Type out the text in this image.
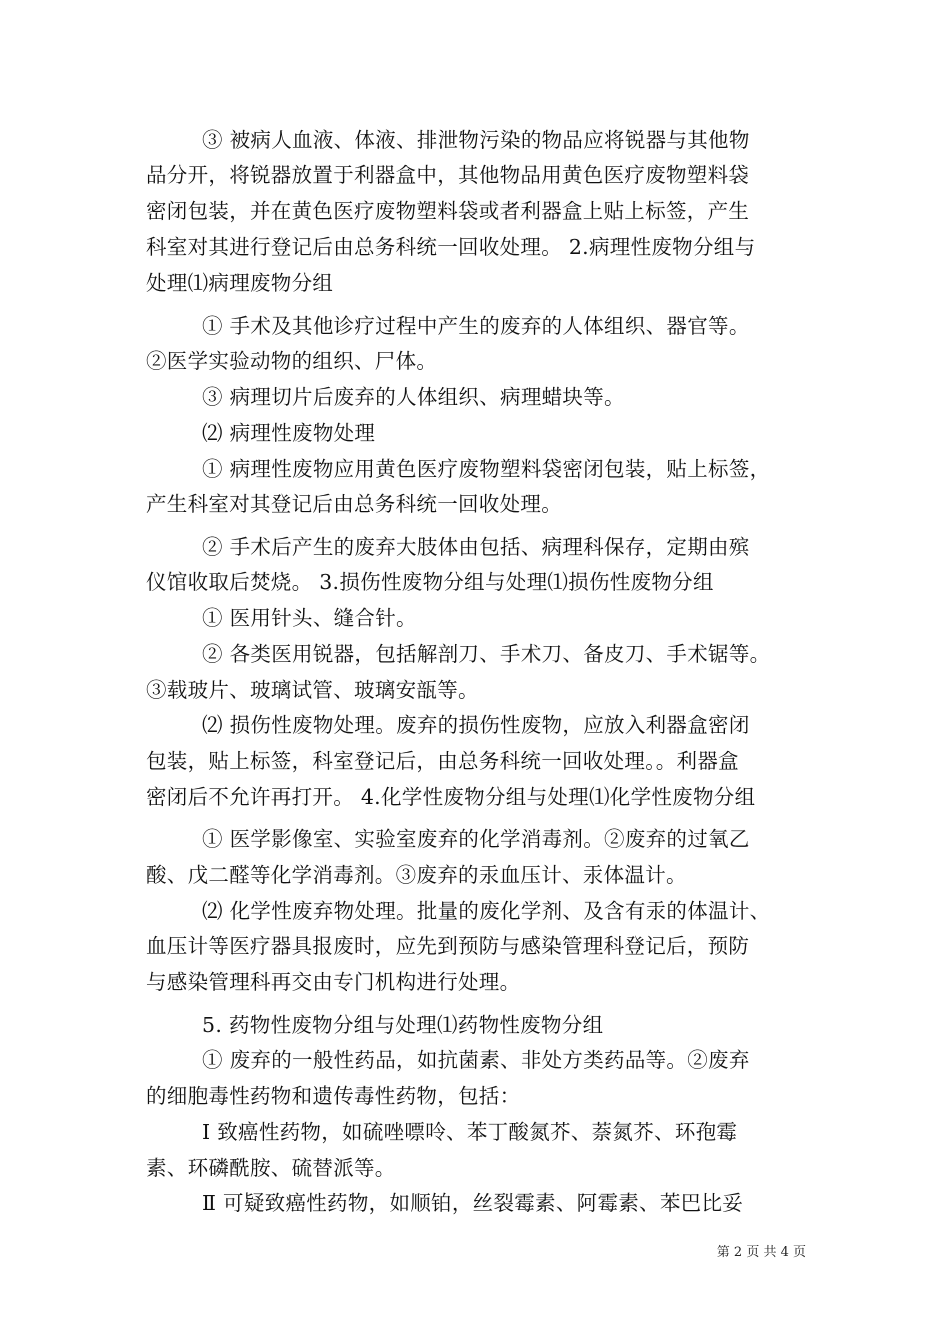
③ 被病人血液、体液、排泄物污染的物品应将锐器与其他物
品分开，将锐器放置于利器盒中，其他物品用黄色医疗废物塑料袋
密闭包装，并在黄色医疗废物塑料袋或者利器盒上贴上标签，产生
科室对其进行登记后由总务科统一回收处理。 2.病理性废物分组与
处理⑴病理废物分组
① 手术及其他诊疗过程中产生的废弃的人体组织、器官等。
②医学实验动物的组织、尸体。
③ 病理切片后废弃的人体组织、病理蜡块等。
⑵ 病理性废物处理
① 病理性废物应用黄色医疗废物塑料袋密闭包装，贴上标签，
产生科室对其登记后由总务科统一回收处理。
② 手术后产生的废弃大肢体由包括、病理科保存，定期由殡
仪馆收取后焚烧。 3.损伤性废物分组与处理⑴损伤性废物分组
① 医用针头、缝合针。
② 各类医用锐器，包括解剖刀、手术刀、备皮刀、手术锯等。
③载玻片、玻璃试管、玻璃安瓿等。
⑵ 损伤性废物处理。废弃的损伤性废物，应放入利器盒密闭
包装，贴上标签，科室登记后，由总务科统一回收处理。。利器盒
密闭后不允许再打开。 4.化学性废物分组与处理⑴化学性废物分组
① 医学影像室、实验室废弃的化学消毒剂。②废弃的过氧乙
酸、戊二醛等化学消毒剂。③废弃的汞血压计、汞体温计。
⑵ 化学性废弃物处理。批量的废化学剂、及含有汞的体温计、
血压计等医疗器具报废时，应先到预防与感染管理科登记后，预防
与感染管理科再交由专门机构进行处理。
5. 药物性废物分组与处理⑴药物性废物分组
① 废弃的一般性药品，如抗菌素、非处方类药品等。②废弃
的细胞毒性药物和遗传毒性药物，包括：
Ⅰ 致癌性药物，如硫唑嘌呤、苯丁酸氮芥、萘氮芥、环孢霉
素、环磷酰胺、硫替派等。
Ⅱ 可疑致癌性药物，如顺铂，丝裂霉素、阿霉素、苯巴比妥
第 2 页 共 4 页
